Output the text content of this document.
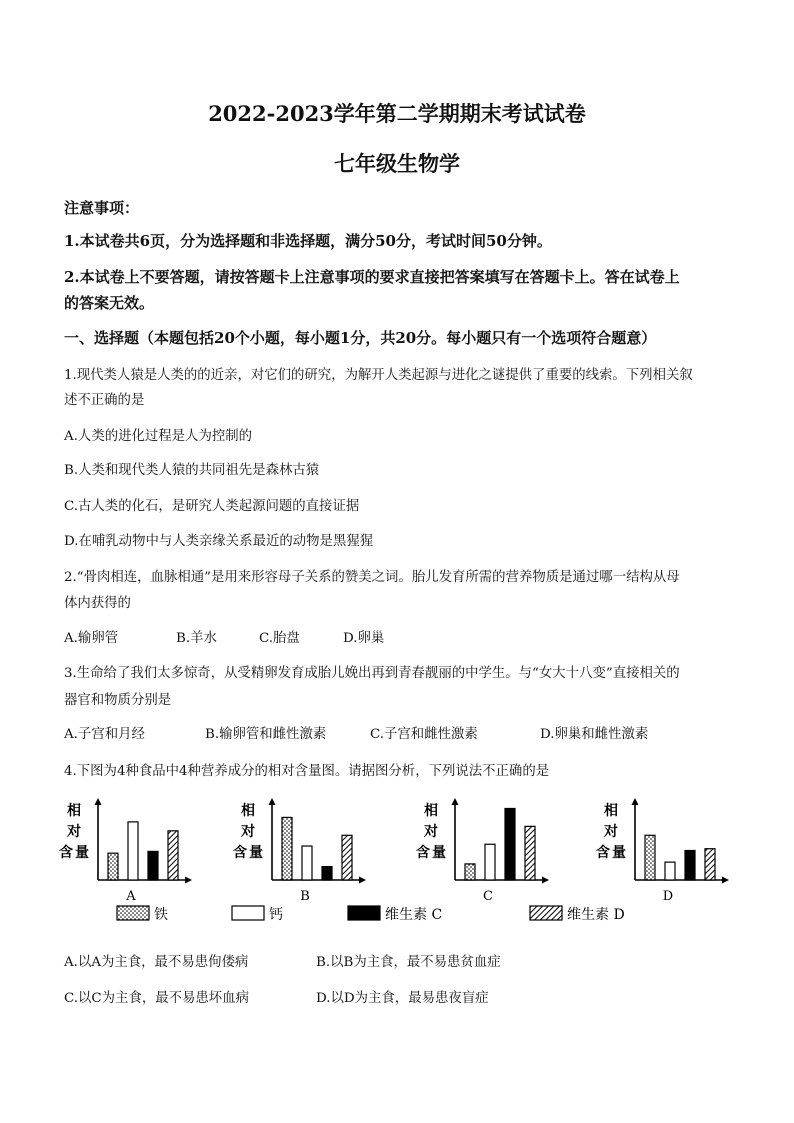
2022-2023学年第二学期期末考试试卷
七年级生物学
注意事项：
1.本试卷共6页，分为选择题和非选择题，满分50分，考试时间50分钟。
2.本试卷上不要答题，请按答题卡上注意事项的要求直接把答案填写在答题卡上。答在试卷上
的答案无效。
一、选择题（本题包括20个小题，每小题1分，共20分。每小题只有一个选项符合题意）
1.现代类人猿是人类的的近亲，对它们的研究，为解开人类起源与进化之谜提供了重要的线索。下列相关叙
述不正确的是
A.人类的进化过程是人为控制的
B.人类和现代类人猿的共同祖先是森林古猿
C.古人类的化石，是研究人类起源问题的直接证据
D.在哺乳动物中与人类亲缘关系最近的动物是黑猩猩
2.“骨肉相连，血脉相通”是用来形容母子关系的赞美之词。胎儿发育所需的营养物质是通过哪一结构从母
体内获得的
A.输卵管	B.羊水	C.胎盘	D.卵巢
3.生命给了我们太多惊奇，从受精卵发育成胎儿娩出再到青春靓丽的中学生。与“女大十八变”直接相关的
器官和物质分别是
A.子宫和月经	B.输卵管和雌性激素	C.子宫和雌性激素	D.卵巢和雌性激素
4.下图为4种食品中4种营养成分的相对含量图。请据图分析，下列说法不正确的是
相
对
含 量
A
相
对
含 量
B
相
对
含 量
C
相
对
含 量
D
铁	钙	维生素 C	维生素 D
A.以A为主食，最不易患佝偻病	B.以B为主食，最不易患贫血症
C.以C为主食，最不易患坏血病	D.以D为主食，最易患夜盲症
